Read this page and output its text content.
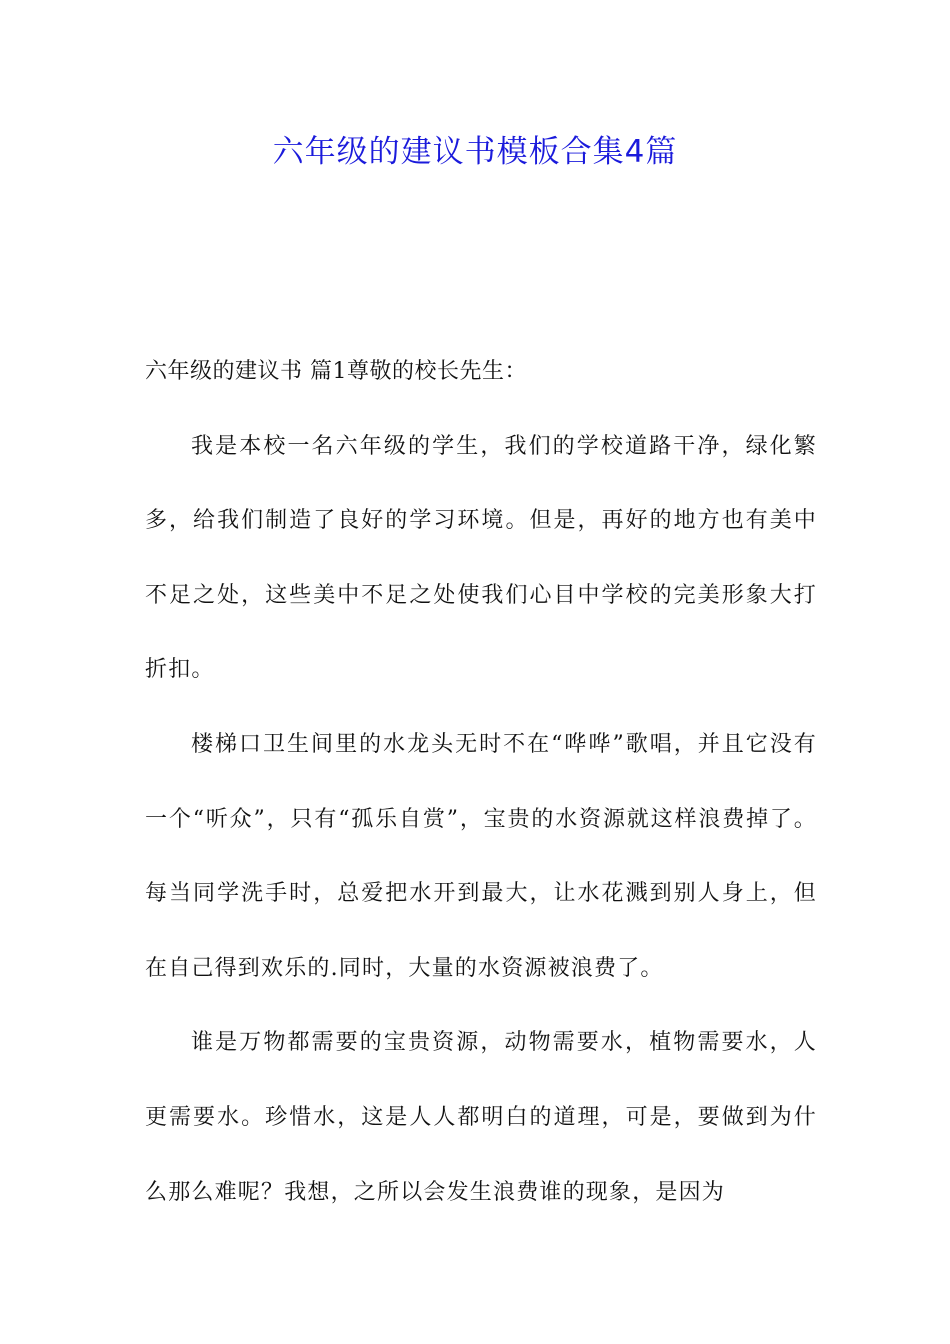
六年级的建议书模板合集4篇

六年级的建议书 篇1尊敬的校长先生：

我是本校一名六年级的学生，我们的学校道路干净，绿化繁多，给我们制造了良好的学习环境。但是，再好的地方也有美中不足之处，这些美中不足之处使我们心目中学校的完美形象大打折扣。

楼梯口卫生间里的水龙头无时不在“哗哗”歌唱，并且它没有一个“听众”，只有“孤乐自赏”，宝贵的水资源就这样浪费掉了。每当同学洗手时，总爱把水开到最大，让水花溅到别人身上，但在自己得到欢乐的.同时，大量的水资源被浪费了。

谁是万物都需要的宝贵资源，动物需要水，植物需要水，人更需要水。珍惜水，这是人人都明白的道理，可是，要做到为什么那么难呢？我想，之所以会发生浪费谁的现象，是因为
